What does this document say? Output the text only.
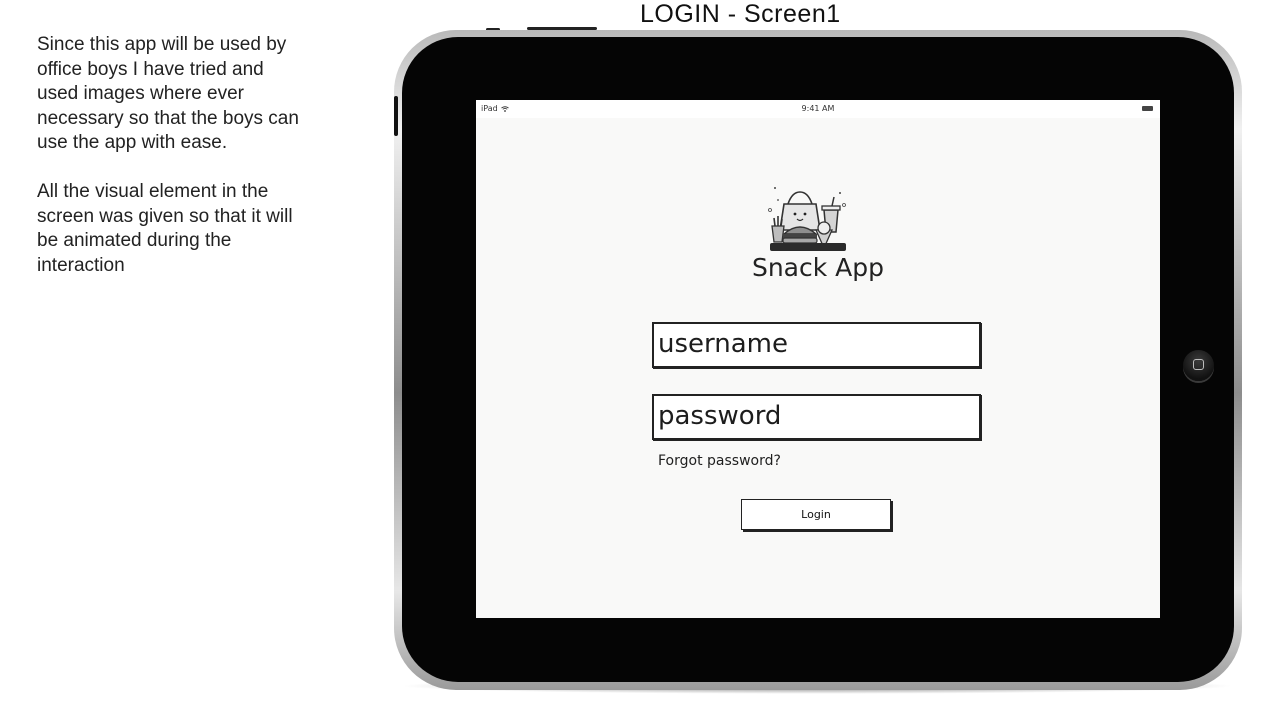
Since this app will be used by office boys I have tried and used images where ever necessary so that the boys can use the app with ease.

All the visual element in the screen was given so that it will be animated during the interaction

LOGIN - Screen1
iPad	9:41 AM
Snack App
username
password
Forgot password?
Login
